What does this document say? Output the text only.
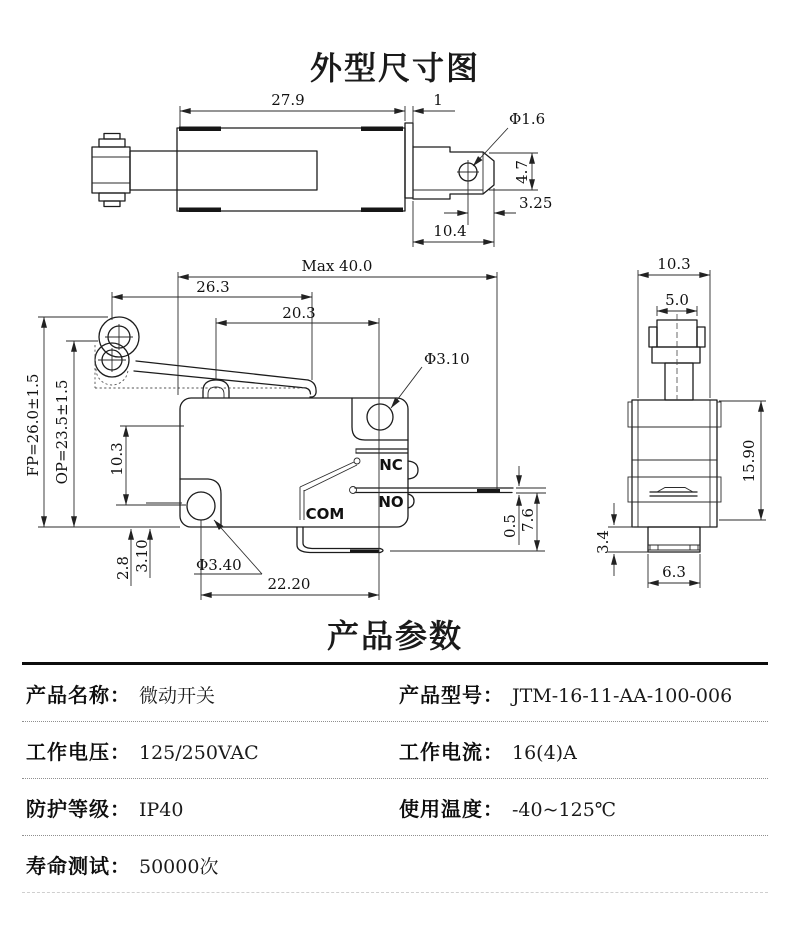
外型尺寸图
27.9	1
Φ1.6
4.7
3.25
10.4
NC
NO
COM
Max 40.0
26.3
20.3
Φ3.10
FP=26.0±1.5 OP=23.5±1.5 10.3
2.8 3.10	Φ3.40
22.20
0.5 7.6
10.3
5.0
15.90
3.4
6.3
产品参数
产品名称： 微动开关	产品型号： JTM-16-11-AA-100-006
工作电压： 125/250VAC	工作电流： 16(4)A
防护等级： IP40	使用温度： -40~125℃
寿命测试： 50000次
